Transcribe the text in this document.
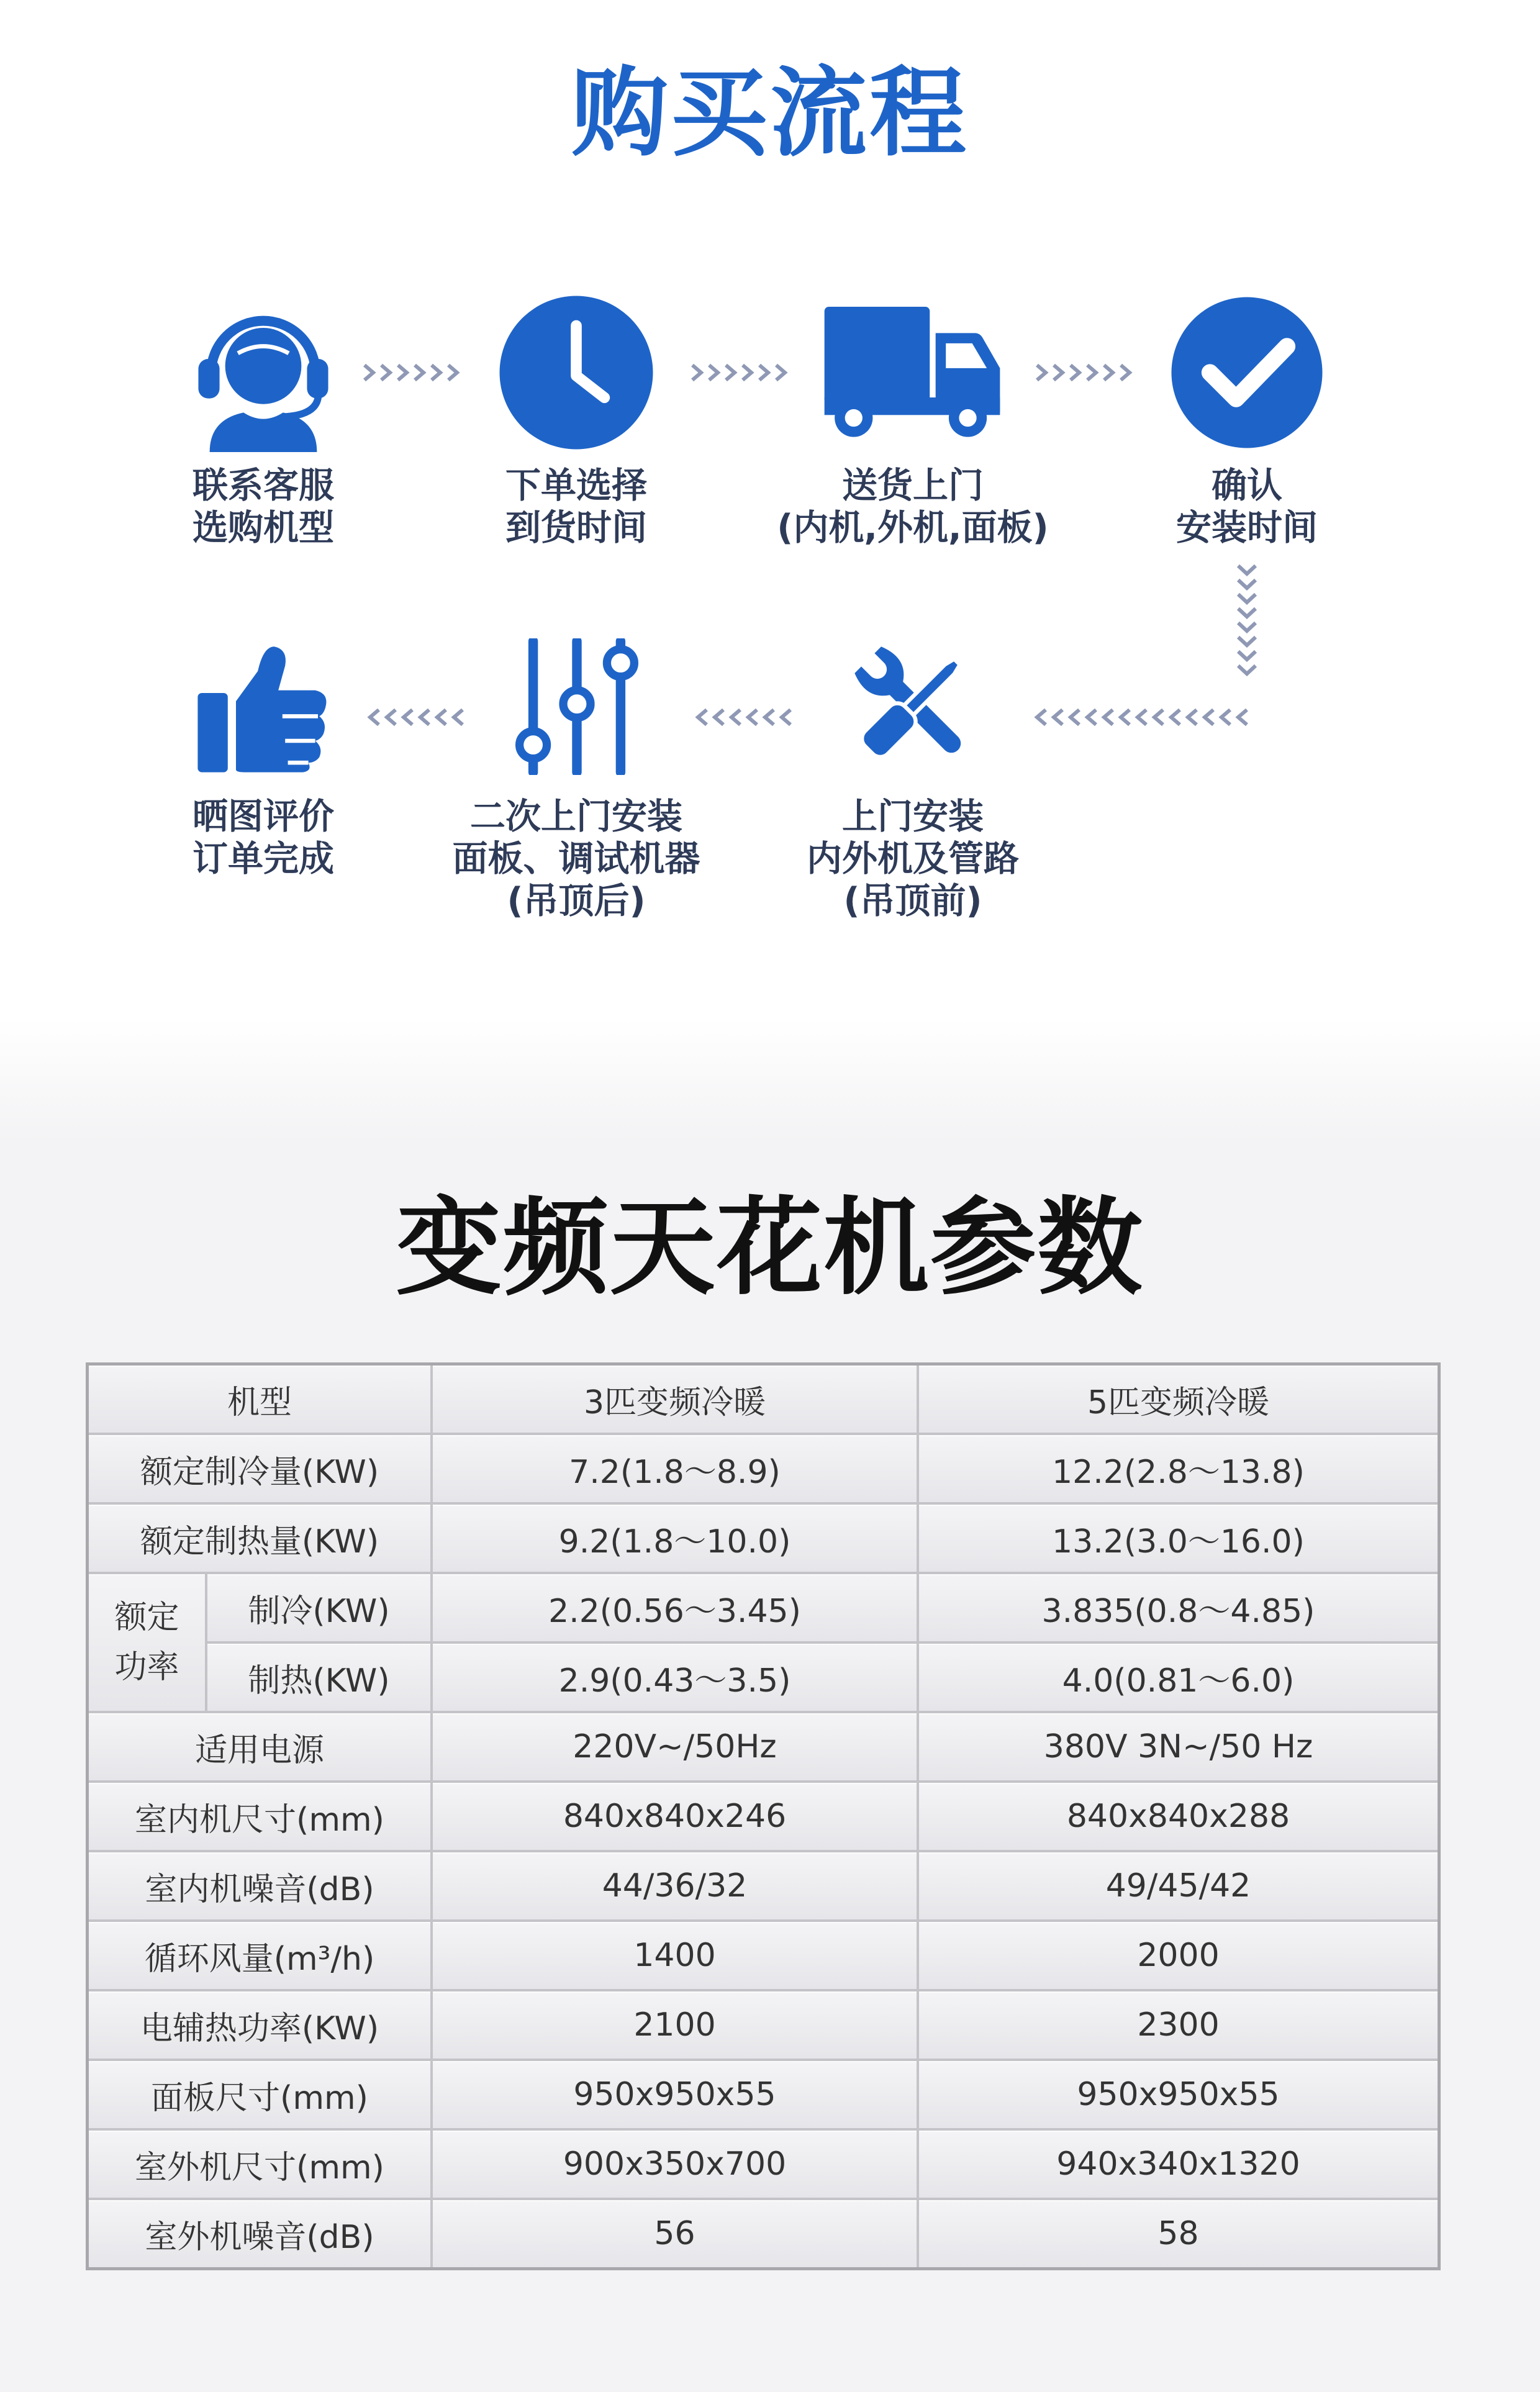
购买流程
联系客服
选购机型
下单选择
到货时间
送货上门
(内机,外机,面板)
确认
安装时间
上门安装
内外机及管路
(吊顶前)
二次上门安装
面板、调试机器
(吊顶后)
晒图评价
订单完成
变频天花机参数
机型	3匹变频冷暖	5匹变频冷暖
额定制冷量(KW)	7.2(1.8～8.9)	12.2(2.8～13.8)
额定制热量(KW)	9.2(1.8～10.0)	13.2(3.0～16.0)
额定功率
制冷(KW)	2.2(0.56～3.45)	3.835(0.8～4.85)
制热(KW)	2.9(0.43～3.5)	4.0(0.81～6.0)
适用电源	220V~/50Hz	380V 3N~/50 Hz
室内机尺寸(mm)	840x840x246	840x840x288
室内机噪音(dB)	44/36/32	49/45/42
循环风量(m³/h)	1400	2000
电辅热功率(KW)	2100	2300
面板尺寸(mm)	950x950x55	950x950x55
室外机尺寸(mm)	900x350x700	940x340x1320
室外机噪音(dB)	56	58
